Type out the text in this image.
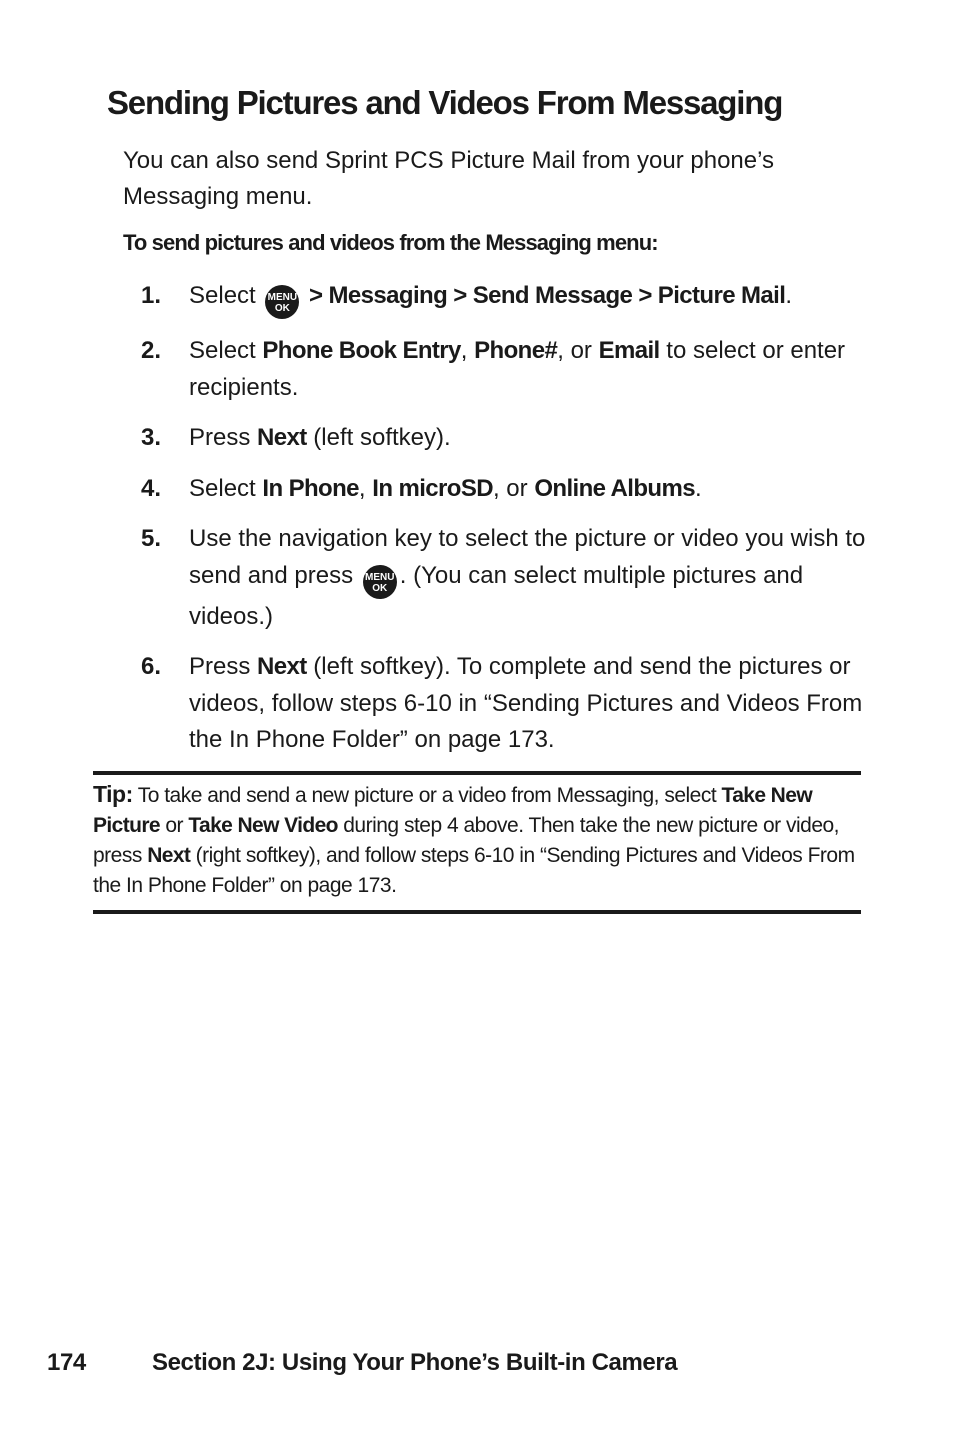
Sending Pictures and Videos From Messaging

You can also send Sprint PCS Picture Mail from your phone’s Messaging menu.

To send pictures and videos from the Messaging menu:

1. Select MENU
OK > Messaging > Send Message > Picture Mail.
2. Select Phone Book Entry, Phone#, or Email to select or enter recipients.
3. Press Next (left softkey).
4. Select In Phone, In microSD, or Online Albums.
5. Use the navigation key to select the picture or video you wish to send and press MENU
OK . (You can select multiple pictures and videos.)
6. Press Next (left softkey). To complete and send the pictures or videos, follow steps 6-10 in “Sending Pictures and Videos From the In Phone Folder” on page 173.
Tip: To take and send a new picture or a video from Messaging, select Take New Picture or Take New Video during step 4 above. Then take the new picture or video, press Next (right softkey), and follow steps 6-10 in “Sending Pictures and Videos From the In Phone Folder” on page 173.
174	Section 2J: Using Your Phone’s Built-in Camera
